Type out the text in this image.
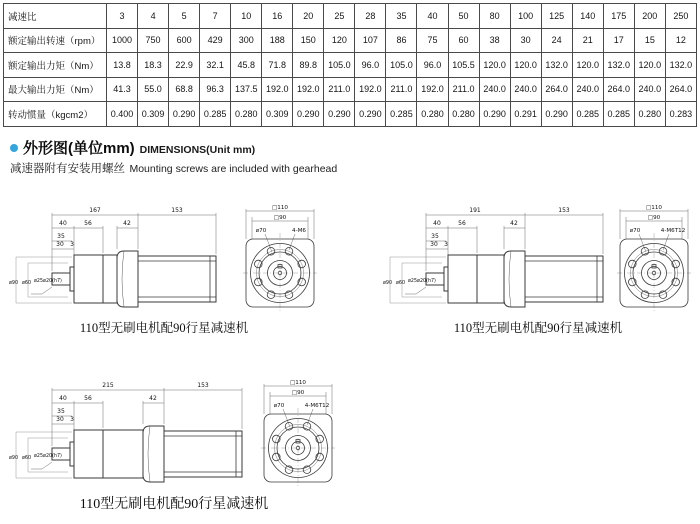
减速比	3	4	5	7	10	16	20	25	28	35	40	50	80	100	125	140	175	200	250
额定输出转速（rpm）	1000	750	600	429	300	188	150	120	107	86	75	60	38	30	24	21	17	15	12
额定输出力矩（Nm）	13.8	18.3	22.9	32.1	45.8	71.8	89.8	105.0	96.0	105.0	96.0	105.5	120.0	120.0	132.0	120.0	132.0	120.0	132.0
最大输出力矩（Nm）	41.3	55.0	68.8	96.3	137.5	192.0	192.0	211.0	192.0	211.0	192.0	211.0	240.0	240.0	264.0	240.0	264.0	240.0	264.0
转动惯量（kgcm2）	0.400	0.309	0.290	0.285	0.280	0.309	0.290	0.290	0.290	0.285	0.280	0.280	0.290	0.291	0.290	0.285	0.285	0.280	0.283
外形图(单位mm) DIMENSIONS(Unit mm)
减速器附有安装用螺丝 Mounting screws are included with gearhead
167	153
40	56	42
35
30 3
ø90 ø60 ø25ø20(h7)
□110
□90
ø70	4-M6
110型无刷电机配90行星减速机
191	153
40	56	42
35
30 3
ø90 ø60 ø25ø20(h7)
□110
□90
ø70	4-M6T12
110型无刷电机配90行星减速机
215	153
40	56	42
35
30 3
ø90 ø60 ø25ø20(h7)
□110
□90
ø70	4-M6T12
110型无刷电机配90行星减速机
